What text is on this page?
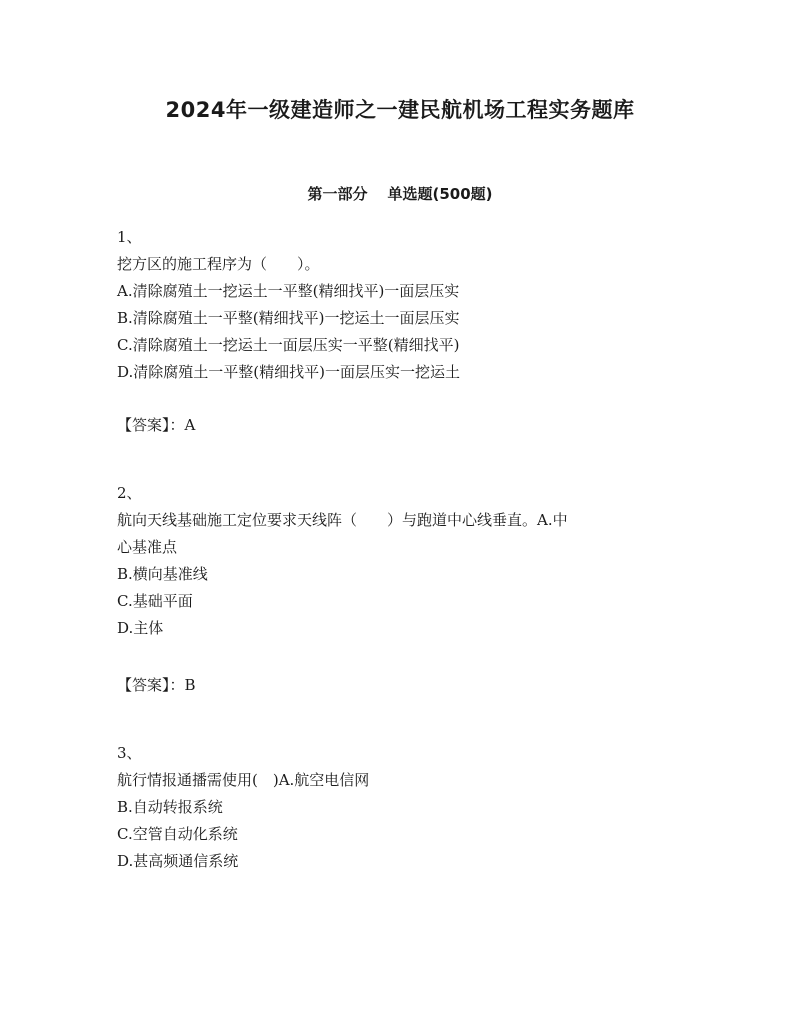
2024年一级建造师之一建民航机场工程实务题库
第一部分 单选题(500题)
1、
挖方区的施工程序为（　　）。
A.清除腐殖土一挖运土一平整(精细找平)一面层压实
B.清除腐殖土一平整(精细找平)一挖运土一面层压实
C.清除腐殖土一挖运土一面层压实一平整(精细找平)
D.清除腐殖土一平整(精细找平)一面层压实一挖运土
【答案】：A
2、
航向天线基础施工定位要求天线阵（　　）与跑道中心线垂直。A.中
心基准点
B.横向基准线
C.基础平面
D.主体
【答案】：B
3、
航行情报通播需使用(　)A.航空电信网
B.自动转报系统
C.空管自动化系统
D.甚高频通信系统
